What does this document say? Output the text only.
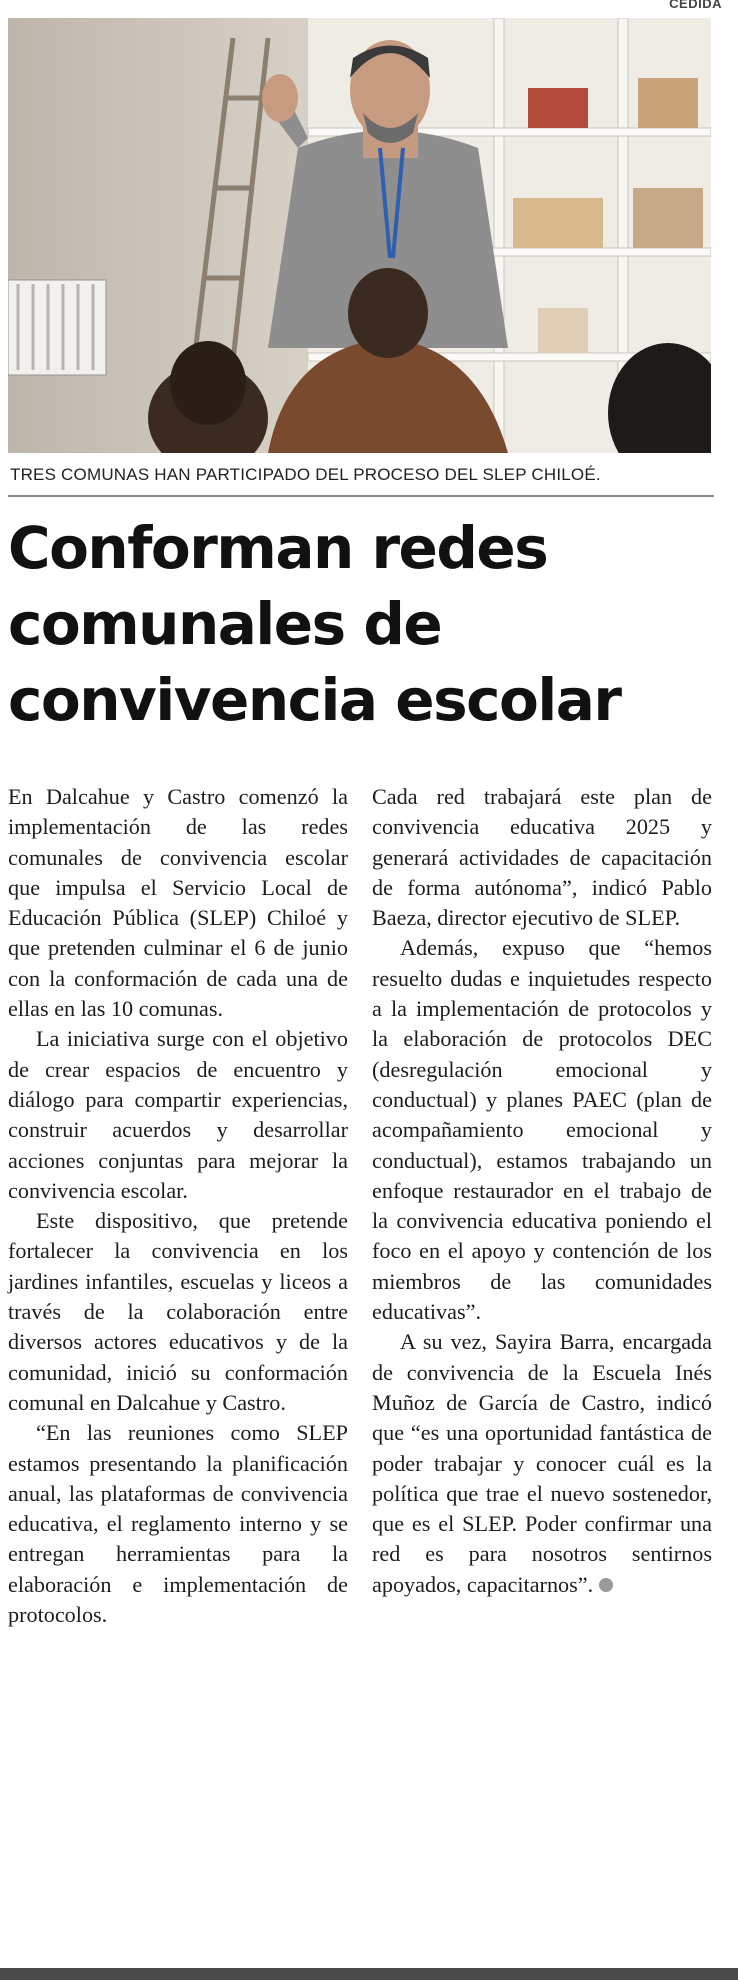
CEDIDA
TRES COMUNAS HAN PARTICIPADO DEL PROCESO DEL SLEP CHILOÉ.
Conforman redes comunales de convivencia escolar

En Dalcahue y Castro comenzó la implementación de las redes comunales de convivencia escolar que impulsa el Servicio Local de Educación Pública (SLEP) Chiloé y que pretenden culminar el 6 de junio con la conformación de cada una de ellas en las 10 comunas.

La iniciativa surge con el objetivo de crear espacios de encuentro y diálogo para compartir experiencias, construir acuerdos y desarrollar acciones conjuntas para mejorar la convivencia escolar.

Este dispositivo, que pretende fortalecer la convivencia en los jardines infantiles, escuelas y liceos a través de la colaboración entre diversos actores educativos y de la comunidad, inició su conformación comunal en Dalcahue y Castro.

“En las reuniones como SLEP estamos presentando la planificación anual, las plataformas de convivencia educativa, el reglamento interno y se entregan herramientas para la elaboración e implementación de protocolos.

Cada red trabajará este plan de convivencia educativa 2025 y generará actividades de capacitación de forma autónoma”, indicó Pablo Baeza, director ejecutivo de SLEP.

Además, expuso que “hemos resuelto dudas e inquietudes respecto a la implementación de protocolos y la elaboración de protocolos DEC (desregulación emocional y conductual) y planes PAEC (plan de acompañamiento emocional y conductual), estamos trabajando un enfoque restaurador en el trabajo de la convivencia educativa poniendo el foco en el apoyo y contención de los miembros de las comunidades educativas”.

A su vez, Sayira Barra, encargada de convivencia de la Escuela Inés Muñoz de García de Castro, indicó que “es una oportunidad fantástica de poder trabajar y conocer cuál es la política que trae el nuevo sostenedor, que es el SLEP. Poder confirmar una red es para nosotros sentirnos apoyados, capacitarnos”.
